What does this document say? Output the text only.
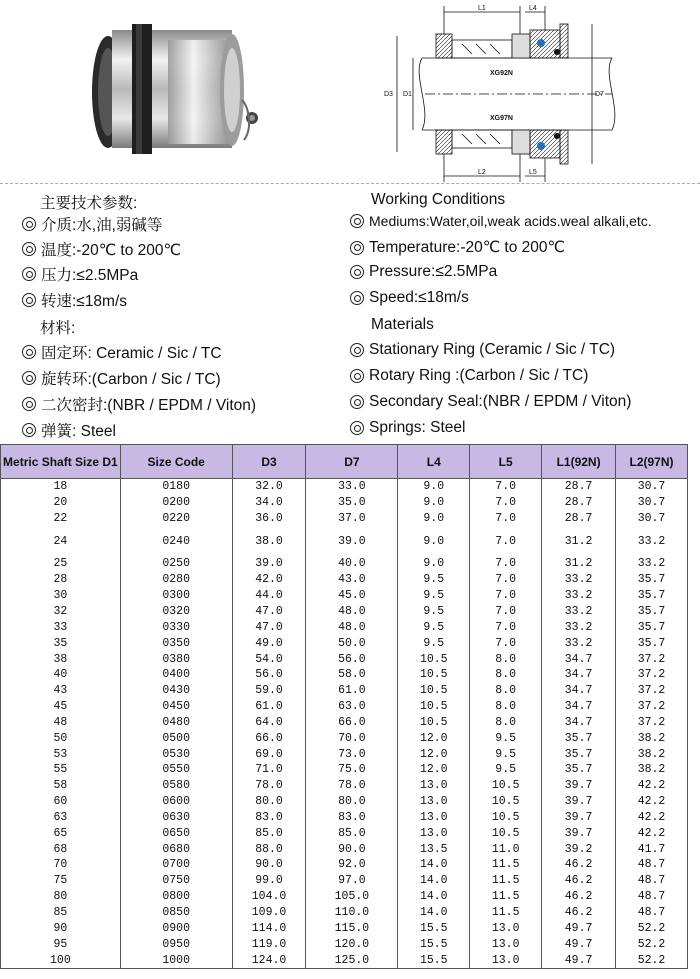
L1	L4
L2	L5
D3 D1	D7
XG92N
XG97N
主要技术参数:	Working Conditions
介质:水,油,弱碱等
温度:-20℃ to 200℃
压力:≤2.5MPa
转速:≤18m/s
Mediums:Water,oil,weak acids.weal alkali,etc.
Temperature:-20℃ to 200℃
Pressure:≤2.5MPa
Speed:≤18m/s
材料:	Materials
固定环: Ceramic / Sic / TC
旋转环:(Carbon / Sic / TC)
二次密封:(NBR / EPDM / Viton)
弹簧: Steel
Stationary Ring (Ceramic / Sic / TC)
Rotary Ring :(Carbon / Sic / TC)
Secondary Seal:(NBR / EPDM / Viton)
Springs: Steel
Metric Shaft Size D1	Size Code	D3	D7	L4	L5	L1(92N)	L2(97N)
18	0180	32.0	33.0	9.0	7.0	28.7	30.7
20	0200	34.0	35.0	9.0	7.0	28.7	30.7
22	0220	36.0	37.0	9.0	7.0	28.7	30.7
24	0240	38.0	39.0	9.0	7.0	31.2	33.2
25	0250	39.0	40.0	9.0	7.0	31.2	33.2
28	0280	42.0	43.0	9.5	7.0	33.2	35.7
30	0300	44.0	45.0	9.5	7.0	33.2	35.7
32	0320	47.0	48.0	9.5	7.0	33.2	35.7
33	0330	47.0	48.0	9.5	7.0	33.2	35.7
35	0350	49.0	50.0	9.5	7.0	33.2	35.7
38	0380	54.0	56.0	10.5	8.0	34.7	37.2
40	0400	56.0	58.0	10.5	8.0	34.7	37.2
43	0430	59.0	61.0	10.5	8.0	34.7	37.2
45	0450	61.0	63.0	10.5	8.0	34.7	37.2
48	0480	64.0	66.0	10.5	8.0	34.7	37.2
50	0500	66.0	70.0	12.0	9.5	35.7	38.2
53	0530	69.0	73.0	12.0	9.5	35.7	38.2
55	0550	71.0	75.0	12.0	9.5	35.7	38.2
58	0580	78.0	78.0	13.0	10.5	39.7	42.2
60	0600	80.0	80.0	13.0	10.5	39.7	42.2
63	0630	83.0	83.0	13.0	10.5	39.7	42.2
65	0650	85.0	85.0	13.0	10.5	39.7	42.2
68	0680	88.0	90.0	13.5	11.0	39.2	41.7
70	0700	90.0	92.0	14.0	11.5	46.2	48.7
75	0750	99.0	97.0	14.0	11.5	46.2	48.7
80	0800	104.0	105.0	14.0	11.5	46.2	48.7
85	0850	109.0	110.0	14.0	11.5	46.2	48.7
90	0900	114.0	115.0	15.5	13.0	49.7	52.2
95	0950	119.0	120.0	15.5	13.0	49.7	52.2
100	1000	124.0	125.0	15.5	13.0	49.7	52.2
